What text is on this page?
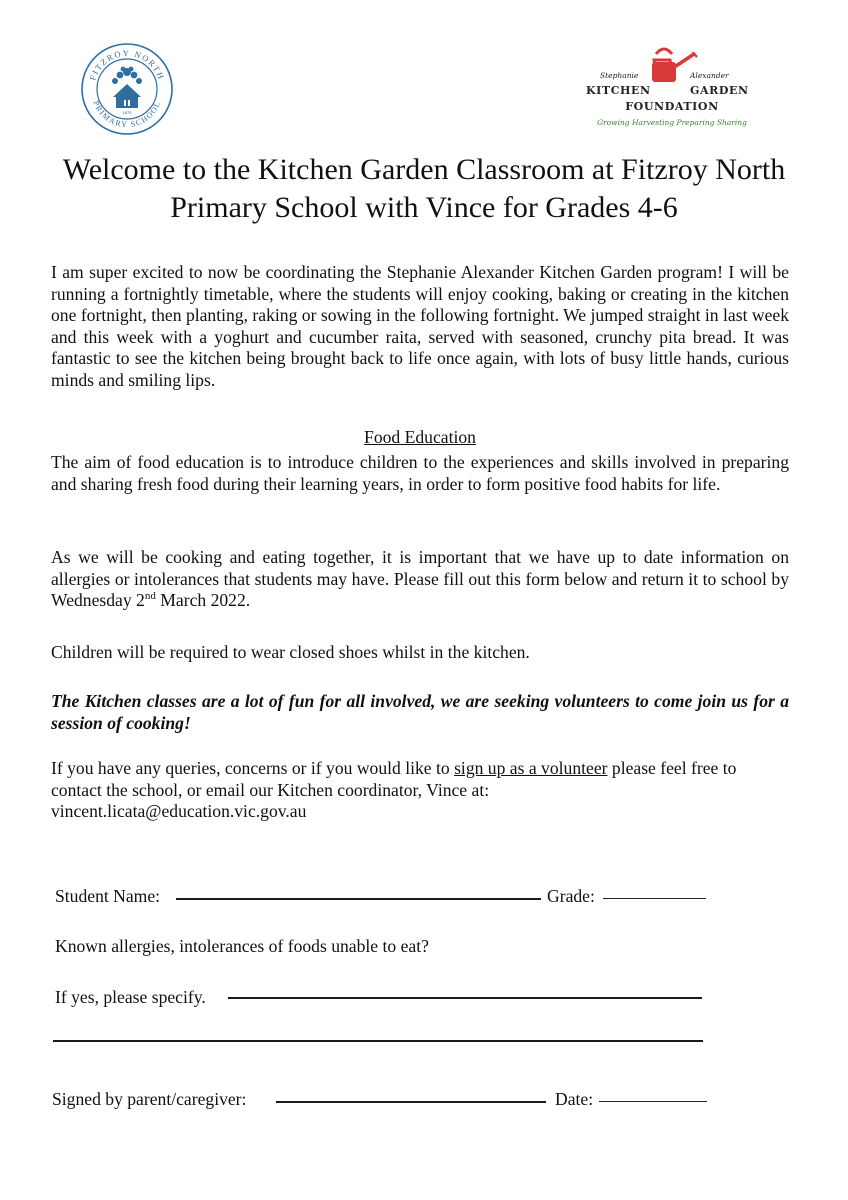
FITZROY NORTH
PRIMARY SCHOOL
1875
Stephanie	Alexander
KITCHEN	GARDEN
FOUNDATION
Growing Harvesting Preparing Sharing
Welcome to the Kitchen Garden Classroom at Fitzroy North Primary School with Vince for Grades 4-6

I am super excited to now be coordinating the Stephanie Alexander Kitchen Garden program! I will be running a fortnightly timetable, where the students will enjoy cooking, baking or creating in the kitchen one fortnight, then planting, raking or sowing in the following fortnight. We jumped straight in last week and this week with a yoghurt and cucumber raita, served with seasoned, crunchy pita bread. It was fantastic to see the kitchen being brought back to life once again, with lots of busy little hands, curious minds and smiling lips.

Food Education

The aim of food education is to introduce children to the experiences and skills involved in preparing and sharing fresh food during their learning years, in order to form positive food habits for life.

As we will be cooking and eating together, it is important that we have up to date information on allergies or intolerances that students may have. Please fill out this form below and return it to school by Wednesday 2nd March 2022.

Children will be required to wear closed shoes whilst in the kitchen.

The Kitchen classes are a lot of fun for all involved, we are seeking volunteers to come join us for a session of cooking!

If you have any queries, concerns or if you would like to sign up as a volunteer please feel free to contact the school, or email our Kitchen coordinator, Vince at:
vincent.licata@education.vic.gov.au

Student Name:	Grade:
Known allergies, intolerances of foods unable to eat?
If yes, please specify.
Signed by parent/caregiver:	Date:
